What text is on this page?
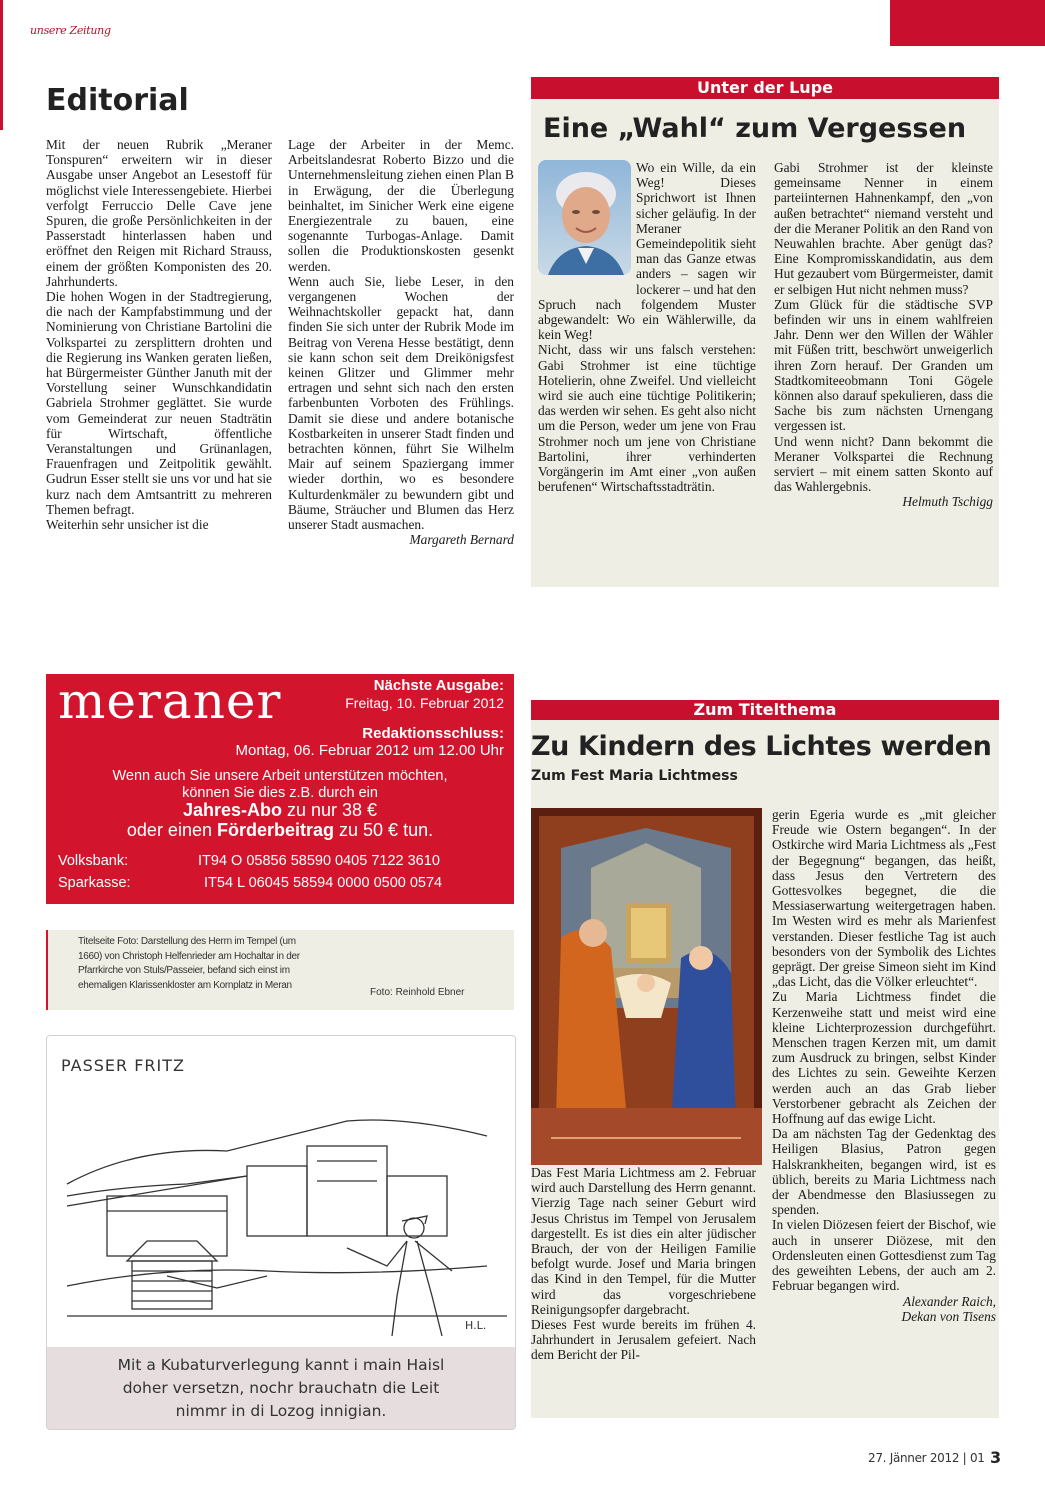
unsere Zeitung
Editorial

Mit der neuen Rubrik „Meraner Tonspuren“ erweitern wir in dieser Ausgabe unser Angebot an Lesestoff für möglichst viele Interessengebiete. Hierbei verfolgt Ferruccio Delle Cave jene Spuren, die große Persönlichkeiten in der Passerstadt hinterlassen haben und eröffnet den Reigen mit Richard Strauss, einem der größten Komponisten des 20. Jahrhunderts.

Die hohen Wogen in der Stadtregierung, die nach der Kampfabstimmung und der Nominierung von Christiane Bartolini die Volkspartei zu zersplittern drohten und die Regierung ins Wanken geraten ließen, hat Bürgermeister Günther Januth mit der Vorstellung seiner Wunschkandidatin Gabriela Strohmer geglättet. Sie wurde vom Gemeinderat zur neuen Stadträtin für Wirtschaft, öffentliche Veranstaltungen und Grünanlagen, Frauenfragen und Zeitpolitik gewählt. Gudrun Esser stellt sie uns vor und hat sie kurz nach dem Amtsantritt zu mehreren Themen befragt.

Weiterhin sehr unsicher ist die

Lage der Arbeiter in der Memc. Arbeitslandesrat Roberto Bizzo und die Unternehmensleitung ziehen einen Plan B in Erwägung, der die Überlegung beinhaltet, im Sinicher Werk eine eigene Energiezentrale zu bauen, eine sogenannte Turbogas-Anlage. Damit sollen die Produktionskosten gesenkt werden.

Wenn auch Sie, liebe Leser, in den vergangenen Wochen der Weihnachtskoller gepackt hat, dann finden Sie sich unter der Rubrik Mode im Beitrag von Verena Hesse bestätigt, denn sie kann schon seit dem Dreikönigsfest keinen Glitzer und Glimmer mehr ertragen und sehnt sich nach den ersten farbenbunten Vorboten des Frühlings. Damit sie diese und andere botanische Kostbarkeiten in unserer Stadt finden und betrachten können, führt Sie Wilhelm Mair auf seinem Spaziergang immer wieder dorthin, wo es besondere Kulturdenkmäler zu bewundern gibt und Bäume, Sträucher und Blumen das Herz unserer Stadt ausmachen.

Margareth Bernard

Unter der Lupe
Eine „Wahl“ zum Vergessen

Wo ein Wille, da ein Weg! Dieses Sprichwort ist Ihnen sicher geläufig. In der Meraner Gemeindepolitik sieht man das Ganze etwas anders – sagen wir lockerer – und hat den Spruch nach folgendem Muster abgewandelt: Wo ein Wählerwille, da kein Weg!

Nicht, dass wir uns falsch verstehen: Gabi Strohmer ist eine tüchtige Hotelierin, ohne Zweifel. Und vielleicht wird sie auch eine tüchtige Politikerin; das werden wir sehen. Es geht also nicht um die Person, weder um jene von Frau Strohmer noch um jene von Christiane Bartolini, ihrer verhinderten Vorgängerin im Amt einer „von außen berufenen“ Wirtschaftsstadträtin.

Gabi Strohmer ist der kleinste gemeinsame Nenner in einem parteiinternen Hahnenkampf, den „von außen betrachtet“ niemand versteht und der die Meraner Politik an den Rand von Neuwahlen brachte. Aber genügt das? Eine Kompromisskandidatin, aus dem Hut gezaubert vom Bürgermeister, damit er selbigen Hut nicht nehmen muss?

Zum Glück für die städtische SVP befinden wir uns in einem wahlfreien Jahr. Denn wer den Willen der Wähler mit Füßen tritt, beschwört unweigerlich ihren Zorn herauf. Der Granden um Stadtkomiteeobmann Toni Gögele können also darauf spekulieren, dass die Sache bis zum nächsten Urnengang vergessen ist.

Und wenn nicht? Dann bekommt die Meraner Volkspartei die Rechnung serviert – mit einem satten Skonto auf das Wahlergebnis.

Helmuth Tschigg

meraner	Nächste Ausgabe:
Freitag, 10. Februar 2012
Redaktionsschluss:
Montag, 06. Februar 2012 um 12.00 Uhr
Wenn auch Sie unsere Arbeit unterstützen möchten,
können Sie dies z.B. durch ein
Jahres-Abo zu nur 38 €
oder einen Förderbeitrag zu 50 € tun.
Volksbank:	IT94 O 05856 58590 0405 7122 3610
Sparkasse:	IT54 L 06045 58594 0000 0500 0574
Titelseite Foto: Darstellung des Herrn im Tempel (um
1660) von Christoph Helfenrieder am Hochaltar in der
Pfarrkirche von Stuls/Passeier, befand sich einst im
ehemaligen Klarissenkloster am Kornplatz in Meran
Foto: Reinhold Ebner
PASSER FRITZ
H.L.
Mit a Kubaturverlegung kannt i main Haisl
doher versetzn, nochr brauchatn die Leit
nimmr in di Lozog innigian.
Zum Titelthema
Zu Kindern des Lichtes werden
Zum Fest Maria Lichtmess

Das Fest Maria Lichtmess am 2. Februar wird auch Darstellung des Herrn genannt. Vierzig Tage nach seiner Geburt wird Jesus Christus im Tempel von Jerusalem dargestellt. Es ist dies ein alter jüdischer Brauch, der von der Heiligen Familie befolgt wurde. Josef und Maria bringen das Kind in den Tempel, für die Mutter wird das vorgeschriebene Reinigungsopfer dargebracht.

Dieses Fest wurde bereits im frühen 4. Jahrhundert in Jerusalem gefeiert. Nach dem Bericht der Pil-

gerin Egeria wurde es „mit gleicher Freude wie Ostern begangen“. In der Ostkirche wird Maria Lichtmess als „Fest der Begegnung“ begangen, das heißt, dass Jesus den Vertretern des Gottesvolkes begegnet, die die Messiaserwartung weitergetragen haben. Im Westen wird es mehr als Marienfest verstanden. Dieser festliche Tag ist auch besonders von der Symbolik des Lichtes geprägt. Der greise Simeon sieht im Kind „das Licht, das die Völker erleuchtet“.

Zu Maria Lichtmess findet die Kerzenweihe statt und meist wird eine kleine Lichterprozession durchgeführt. Menschen tragen Kerzen mit, um damit zum Ausdruck zu bringen, selbst Kinder des Lichtes zu sein. Geweihte Kerzen werden auch an das Grab lieber Verstorbener gebracht als Zeichen der Hoffnung auf das ewige Licht.

Da am nächsten Tag der Gedenktag des Heiligen Blasius, Patron gegen Halskrankheiten, begangen wird, ist es üblich, bereits zu Maria Lichtmess nach der Abendmesse den Blasiussegen zu spenden.

In vielen Diözesen feiert der Bischof, wie auch in unserer Diözese, mit den Ordensleuten einen Gottesdienst zum Tag des geweihten Lebens, der auch am 2. Februar begangen wird.

Alexander Raich,

Dekan von Tisens

27. Jänner 2012 | 01 3
